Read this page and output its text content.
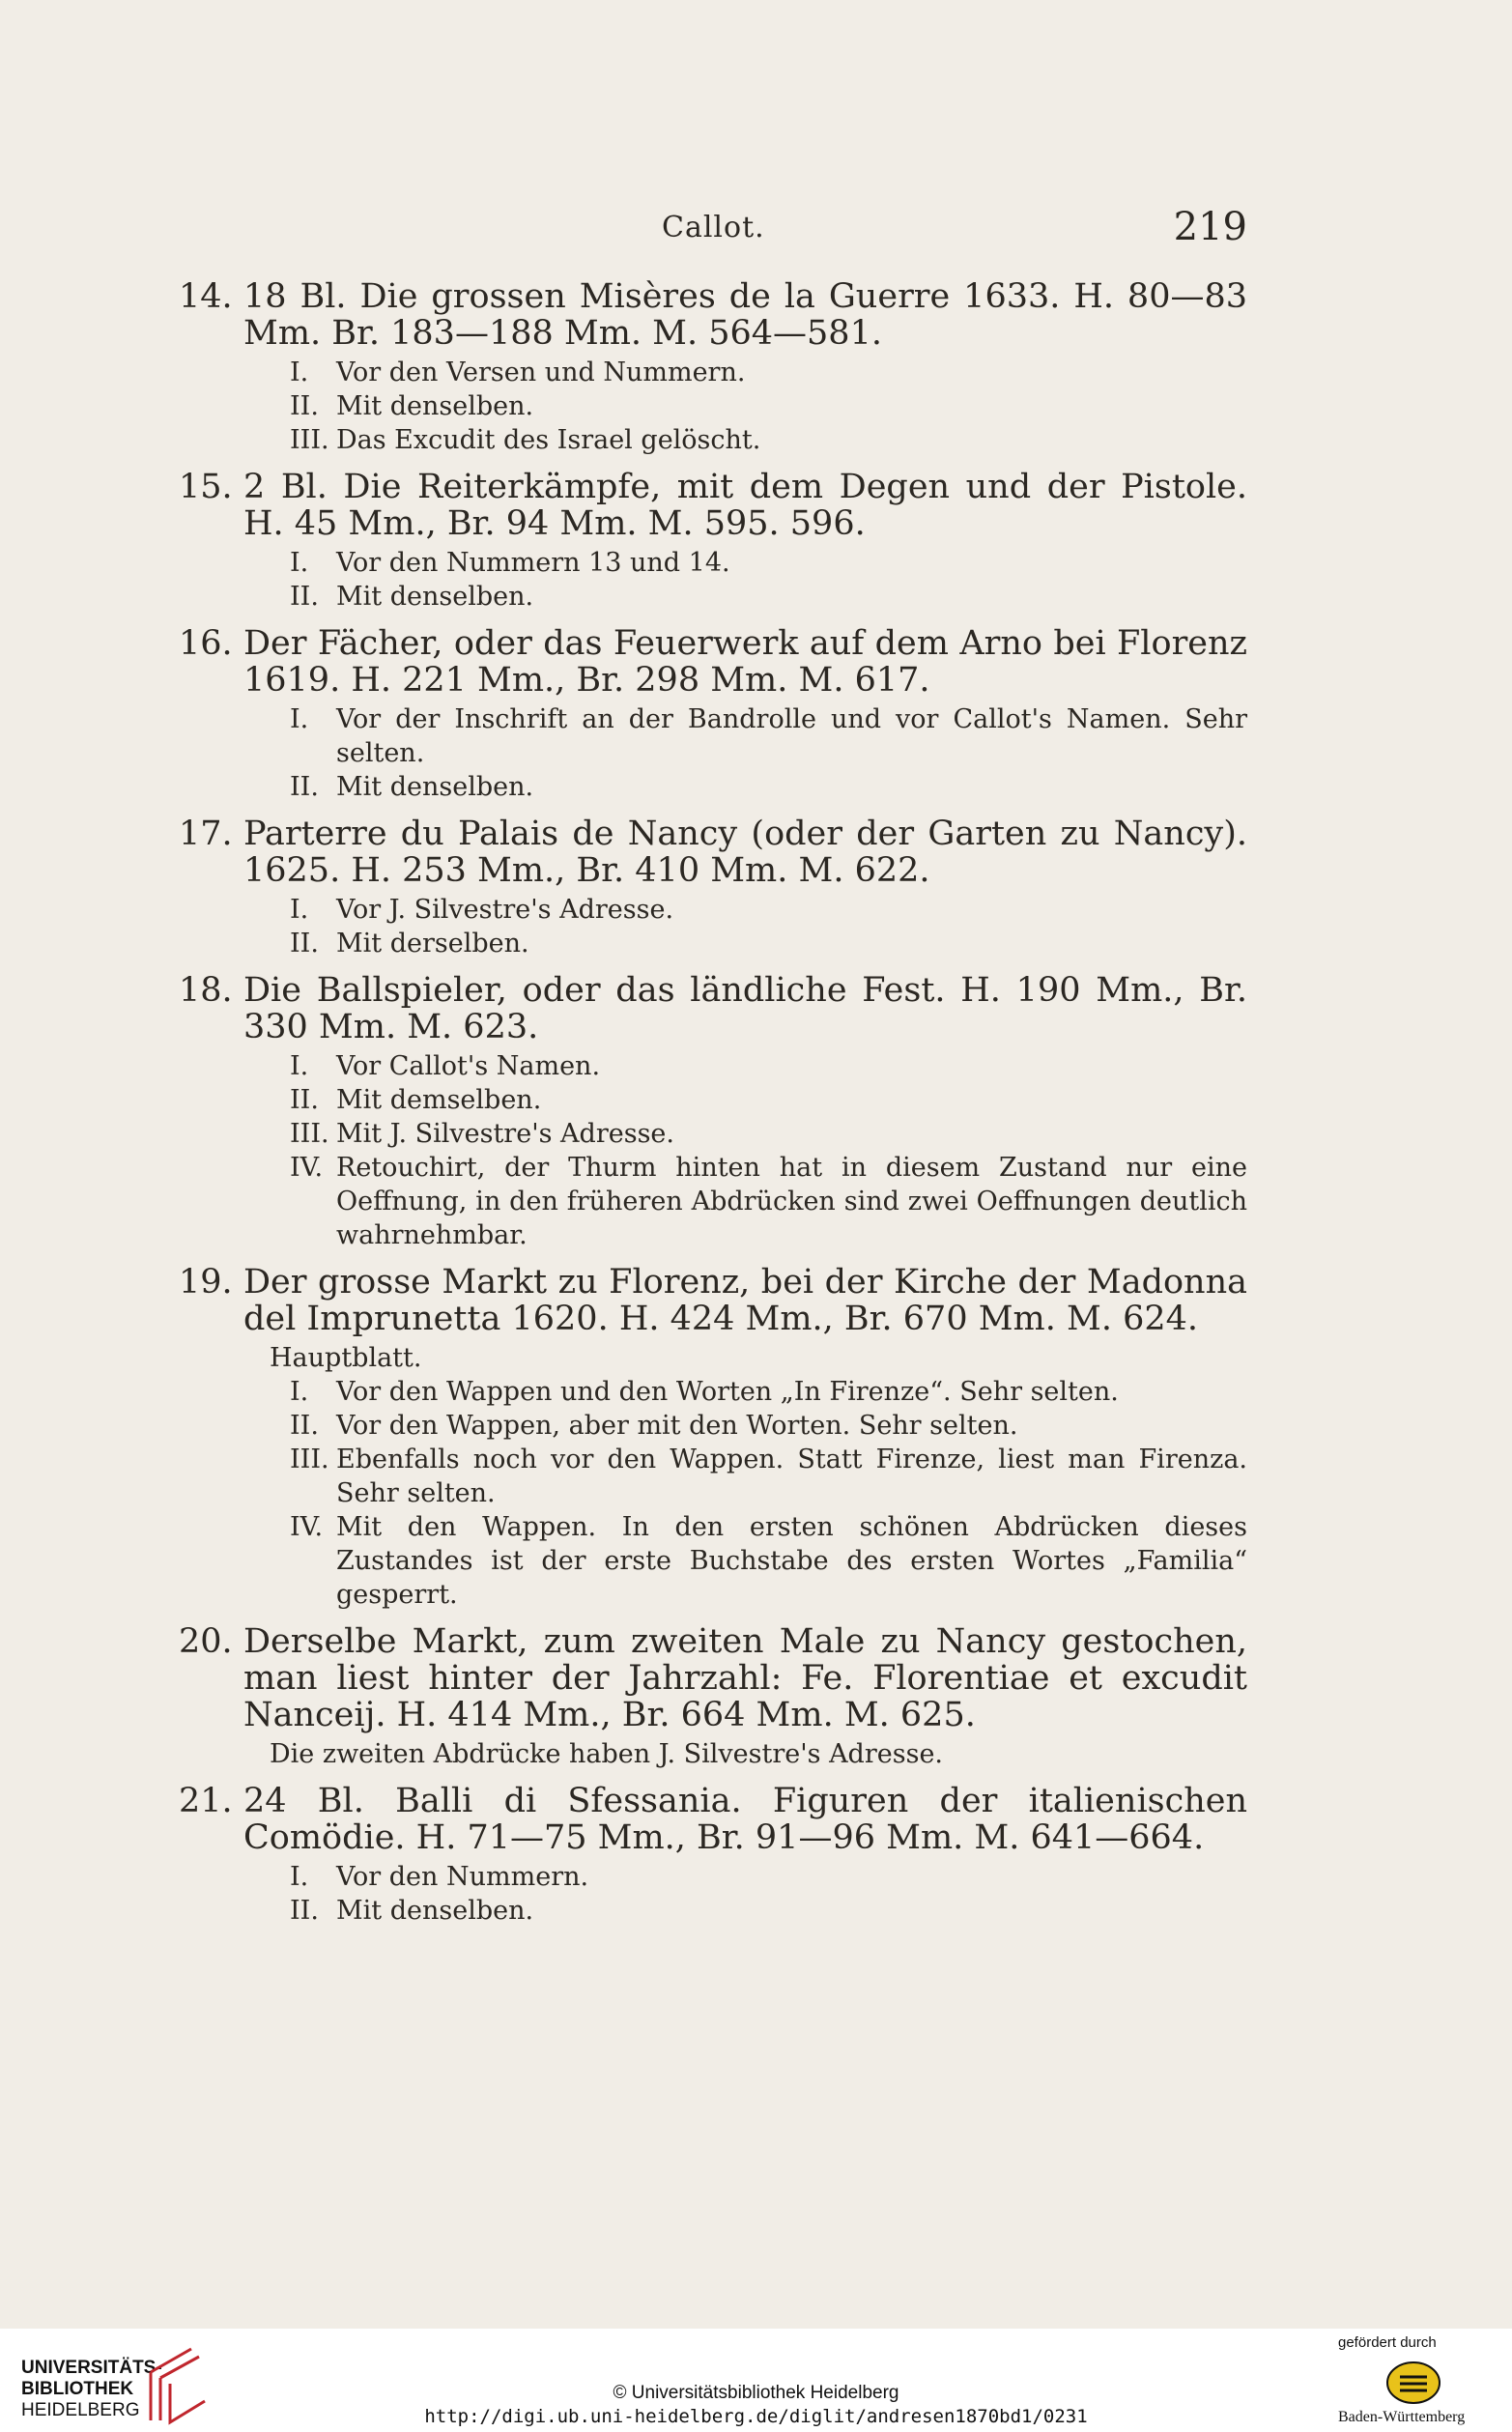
Callot.	219
14. 18 Bl. Die grossen Misères de la Guerre 1633. H. 80—83 Mm. Br. 183—188 Mm. M. 564—581.
I. Vor den Versen und Nummern.
II. Mit denselben.
III. Das Excudit des Israel gelöscht.
15. 2 Bl. Die Reiterkämpfe, mit dem Degen und der Pistole. H. 45 Mm., Br. 94 Mm. M. 595. 596.
I. Vor den Nummern 13 und 14.
II. Mit denselben.
16. Der Fächer, oder das Feuerwerk auf dem Arno bei Florenz 1619. H. 221 Mm., Br. 298 Mm. M. 617.
I. Vor der Inschrift an der Bandrolle und vor Callot's Namen. Sehr selten.
II. Mit denselben.
17. Parterre du Palais de Nancy (oder der Garten zu Nancy). 1625. H. 253 Mm., Br. 410 Mm. M. 622.
I. Vor J. Silvestre's Adresse.
II. Mit derselben.
18. Die Ballspieler, oder das ländliche Fest. H. 190 Mm., Br. 330 Mm. M. 623.
I. Vor Callot's Namen.
II. Mit demselben.
III. Mit J. Silvestre's Adresse.
IV. Retouchirt, der Thurm hinten hat in diesem Zustand nur eine Oeffnung, in den früheren Abdrücken sind zwei Oeffnungen deutlich wahrnehmbar.
19. Der grosse Markt zu Florenz, bei der Kirche der Madonna del Imprunetta 1620. H. 424 Mm., Br. 670 Mm. M. 624.
Hauptblatt.
I. Vor den Wappen und den Worten „In Firenze“. Sehr selten.
II. Vor den Wappen, aber mit den Worten. Sehr selten.
III. Ebenfalls noch vor den Wappen. Statt Firenze, liest man Firenza. Sehr selten.
IV. Mit den Wappen. In den ersten schönen Abdrücken dieses Zustandes ist der erste Buchstabe des ersten Wortes „Familia“ gesperrt.
20. Derselbe Markt, zum zweiten Male zu Nancy gestochen, man liest hinter der Jahrzahl: Fe. Florentiae et excudit Nanceij. H. 414 Mm., Br. 664 Mm. M. 625.
Die zweiten Abdrücke haben J. Silvestre's Adresse.
21. 24 Bl. Balli di Sfessania. Figuren der italienischen Comödie. H. 71—75 Mm., Br. 91—96 Mm. M. 641—664.
I. Vor den Nummern.
II. Mit denselben.
UNIVERSITÄTS-
BIBLIOTHEK
HEIDELBERG
© Universitätsbibliothek Heidelberg
http://digi.ub.uni-heidelberg.de/diglit/andresen1870bd1/0231
gefördert durch
Baden-Württemberg
